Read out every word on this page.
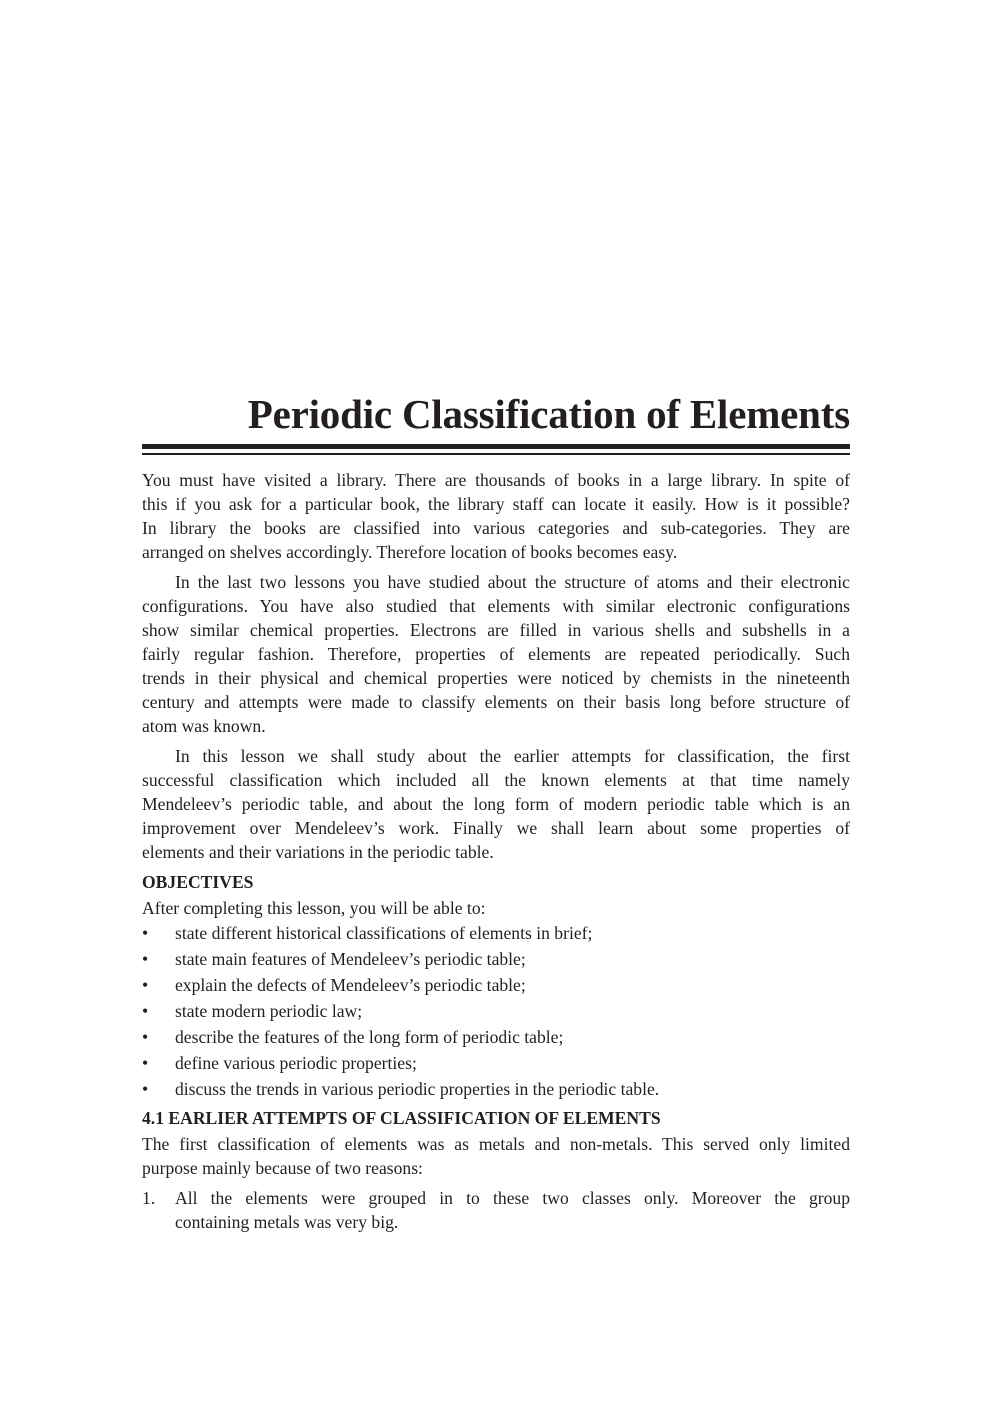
Periodic Classification of Elements

You must have visited a library. There are thousands of books in a large library. In spite of
this if you ask for a particular book, the library staff can locate it easily. How is it possible?
In library the books are classified into various categories and sub-categories. They are
arranged on shelves accordingly. Therefore location of books becomes easy.

In the last two lessons you have studied about the structure of atoms and their electronic
configurations. You have also studied that elements with similar electronic configurations
show similar chemical properties. Electrons are filled in various shells and subshells in a
fairly regular fashion. Therefore, properties of elements are repeated periodically. Such
trends in their physical and chemical properties were noticed by chemists in the nineteenth
century and attempts were made to classify elements on their basis long before structure of
atom was known.

In this lesson we shall study about the earlier attempts for classification, the first
successful classification which included all the known elements at that time namely
Mendeleev’s periodic table, and about the long form of modern periodic table which is an
improvement over Mendeleev’s work. Finally we shall learn about some properties of
elements and their variations in the periodic table.

OBJECTIVES

After completing this lesson, you will be able to:

• state different historical classifications of elements in brief;
• state main features of Mendeleev’s periodic table;
• explain the defects of Mendeleev’s periodic table;
• state modern periodic law;
• describe the features of the long form of periodic table;
• define various periodic properties;
• discuss the trends in various periodic properties in the periodic table.
4.1 EARLIER ATTEMPTS OF CLASSIFICATION OF ELEMENTS

The first classification of elements was as metals and non-metals. This served only limited
purpose mainly because of two reasons:

1. All the elements were grouped in to these two classes only. Moreover the group
containing metals was very big.
